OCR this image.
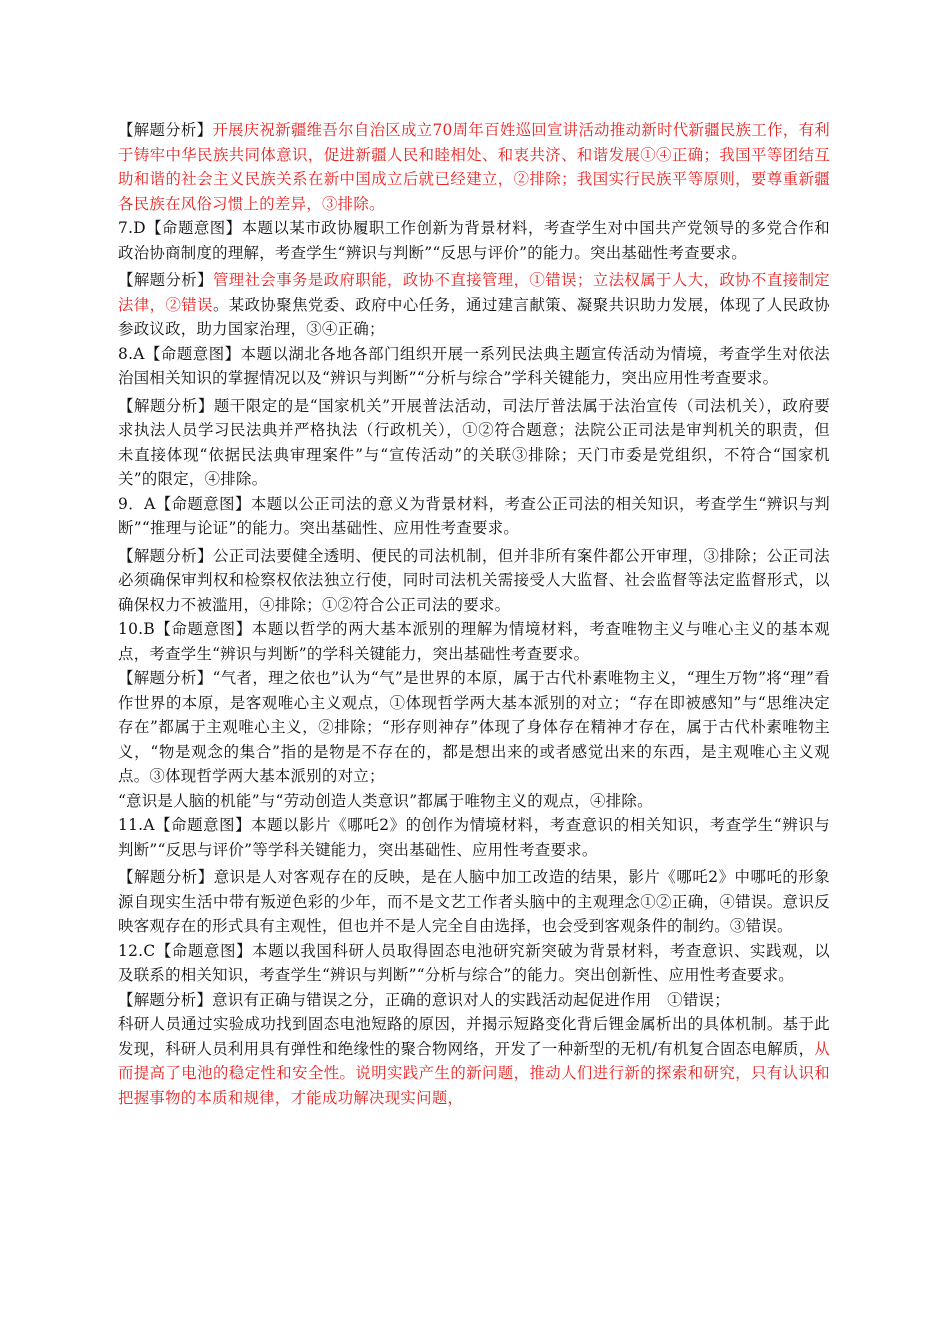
【解题分析】开展庆祝新疆维吾尔自治区成立70周年百姓巡回宣讲活动推动新时代新疆民族工作，有利于铸牢中华民族共同体意识，促进新疆人民和睦相处、和衷共济、和谐发展①④正确；我国平等团结互助和谐的社会主义民族关系在新中国成立后就已经建立，②排除；我国实行民族平等原则，要尊重新疆各民族在风俗习惯上的差异，③排除。

7.D【命题意图】本题以某市政协履职工作创新为背景材料，考查学生对中国共产党领导的多党合作和政治协商制度的理解，考查学生“辨识与判断”“反思与评价”的能力。突出基础性考查要求。

【解题分析】管理社会事务是政府职能，政协不直接管理，①错误；立法权属于人大，政协不直接制定法律，②错误。某政协聚焦党委、政府中心任务，通过建言献策、凝聚共识助力发展，体现了人民政协参政议政，助力国家治理，③④正确；

8.A【命题意图】本题以湖北各地各部门组织开展一系列民法典主题宣传活动为情境，考查学生对依法治国相关知识的掌握情况以及“辨识与判断”“分析与综合”学科关键能力，突出应用性考查要求。

【解题分析】题干限定的是“国家机关”开展普法活动，司法厅普法属于法治宣传（司法机关），政府要求执法人员学习民法典并严格执法（行政机关），①②符合题意；法院公正司法是审判机关的职责，但未直接体现“依据民法典审理案件”与“宣传活动”的关联③排除；天门市委是党组织，不符合“国家机关”的限定，④排除。

9．A【命题意图】本题以公正司法的意义为背景材料，考查公正司法的相关知识，考查学生“辨识与判断”“推理与论证”的能力。突出基础性、应用性考查要求。

【解题分析】公正司法要健全透明、便民的司法机制，但并非所有案件都公开审理，③排除；公正司法必须确保审判权和检察权依法独立行使，同时司法机关需接受人大监督、社会监督等法定监督形式，以确保权力不被滥用，④排除；①②符合公正司法的要求。

10.B【命题意图】本题以哲学的两大基本派别的理解为情境材料，考查唯物主义与唯心主义的基本观点，考查学生“辨识与判断”的学科关键能力，突出基础性考查要求。

【解题分析】“气者，理之依也”认为“气”是世界的本原，属于古代朴素唯物主义，“理生万物”将“理”看作世界的本原，是客观唯心主义观点，①体现哲学两大基本派别的对立；“存在即被感知”与“思维决定存在”都属于主观唯心主义，②排除；“形存则神存”体现了身体存在精神才存在，属于古代朴素唯物主义，“物是观念的集合”指的是物是不存在的，都是想出来的或者感觉出来的东西，是主观唯心主义观点。③体现哲学两大基本派别的对立；

“意识是人脑的机能”与“劳动创造人类意识”都属于唯物主义的观点，④排除。

11.A【命题意图】本题以影片《哪吒2》的创作为情境材料，考查意识的相关知识，考查学生“辨识与判断”“反思与评价”等学科关键能力，突出基础性、应用性考查要求。

【解题分析】意识是人对客观存在的反映，是在人脑中加工改造的结果，影片《哪吒2》中哪吒的形象源自现实生活中带有叛逆色彩的少年，而不是文艺工作者头脑中的主观理念①②正确，④错误。意识反映客观存在的形式具有主观性，但也并不是人完全自由选择，也会受到客观条件的制约。③错误。

12.C【命题意图】本题以我国科研人员取得固态电池研究新突破为背景材料，考查意识、实践观，以及联系的相关知识，考查学生“辨识与判断”“分析与综合”的能力。突出创新性、应用性考查要求。

【解题分析】意识有正确与错误之分，正确的意识对人的实践活动起促进作用　①错误；

科研人员通过实验成功找到固态电池短路的原因，并揭示短路变化背后锂金属析出的具体机制。基于此发现，科研人员利用具有弹性和绝缘性的聚合物网络，开发了一种新型的无机/有机复合固态电解质，从而提高了电池的稳定性和安全性。说明实践产生的新问题，推动人们进行新的探索和研究，只有认识和把握事物的本质和规律，才能成功解决现实问题，
